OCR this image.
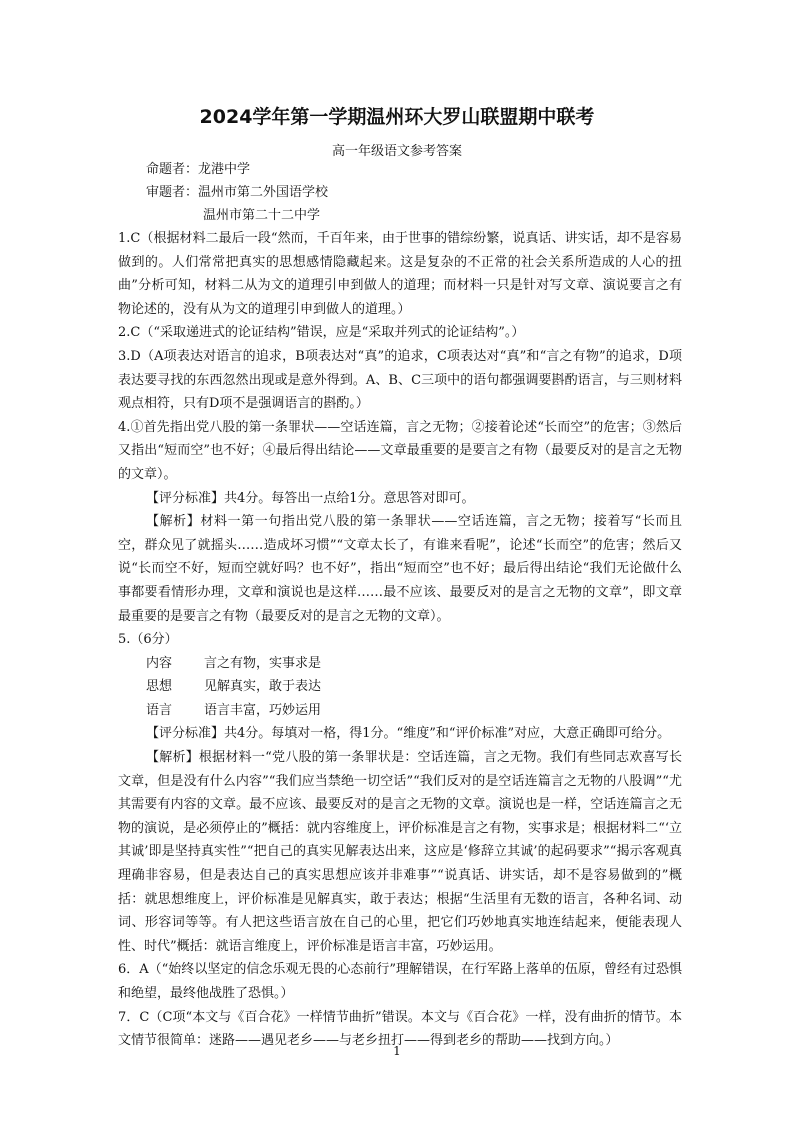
2024学年第一学期温州环大罗山联盟期中联考
高一年级语文参考答案
命题者：龙港中学
审题者：温州市第二外国语学校
温州市第二十二中学

1.C（根据材料二最后一段“然而，千百年来，由于世事的错综纷繁，说真话、讲实话，却不是容易做到的。人们常常把真实的思想感情隐藏起来。这是复杂的不正常的社会关系所造成的人心的扭曲”分析可知，材料二从为文的道理引申到做人的道理；而材料一只是针对写文章、演说要言之有物论述的，没有从为文的道理引申到做人的道理。）

2.C（“采取递进式的论证结构”错误，应是“采取并列式的论证结构”。）

3.D（A项表达对语言的追求，B项表达对“真”的追求，C项表达对“真”和“言之有物”的追求，D项表达要寻找的东西忽然出现或是意外得到。A、B、C三项中的语句都强调要斟酌语言，与三则材料观点相符，只有D项不是强调语言的斟酌。）

4.①首先指出党八股的第一条罪状——空话连篇，言之无物；②接着论述“长而空”的危害；③然后又指出“短而空”也不好；④最后得出结论——文章最重要的是要言之有物（最要反对的是言之无物的文章）。

【评分标准】共4分。每答出一点给1分。意思答对即可。

【解析】材料一第一句指出党八股的第一条罪状——空话连篇，言之无物；接着写“长而且空，群众见了就摇头……造成坏习惯”“文章太长了，有谁来看呢”，论述“长而空”的危害；然后又说“长而空不好，短而空就好吗？也不好”，指出“短而空”也不好；最后得出结论“我们无论做什么事都要看情形办理，文章和演说也是这样……最不应该、最要反对的是言之无物的文章”，即文章最重要的是要言之有物（最要反对的是言之无物的文章）。

5.（6分）

内容 言之有物，实事求是

思想 见解真实，敢于表达

语言 语言丰富，巧妙运用

【评分标准】共4分。每填对一格，得1分。“维度”和“评价标准”对应，大意正确即可给分。

【解析】根据材料一“党八股的第一条罪状是：空话连篇，言之无物。我们有些同志欢喜写长文章，但是没有什么内容”“我们应当禁绝一切空话”“我们反对的是空话连篇言之无物的八股调”“尤其需要有内容的文章。最不应该、最要反对的是言之无物的文章。演说也是一样，空话连篇言之无物的演说，是必须停止的”概括：就内容维度上，评价标准是言之有物，实事求是；根据材料二“‘立其诚’即是坚持真实性”“把自己的真实见解表达出来，这应是‘修辞立其诚’的起码要求”“揭示客观真理确非容易，但是表达自己的真实思想应该并非难事”“说真话、讲实话，却不是容易做到的”概括：就思想维度上，评价标准是见解真实，敢于表达；根据“生活里有无数的语言，各种名词、动词、形容词等等。有人把这些语言放在自己的心里，把它们巧妙地真实地连结起来，便能表现人性、时代”概括：就语言维度上，评价标准是语言丰富，巧妙运用。

6．A（“始终以坚定的信念乐观无畏的心态前行”理解错误，在行军路上落单的伍原，曾经有过恐惧和绝望，最终他战胜了恐惧。）

7．C（C项“本文与《百合花》一样情节曲折”错误。本文与《百合花》一样，没有曲折的情节。本文情节很简单：迷路——遇见老乡——与老乡扭打——得到老乡的帮助——找到方向。）

1
